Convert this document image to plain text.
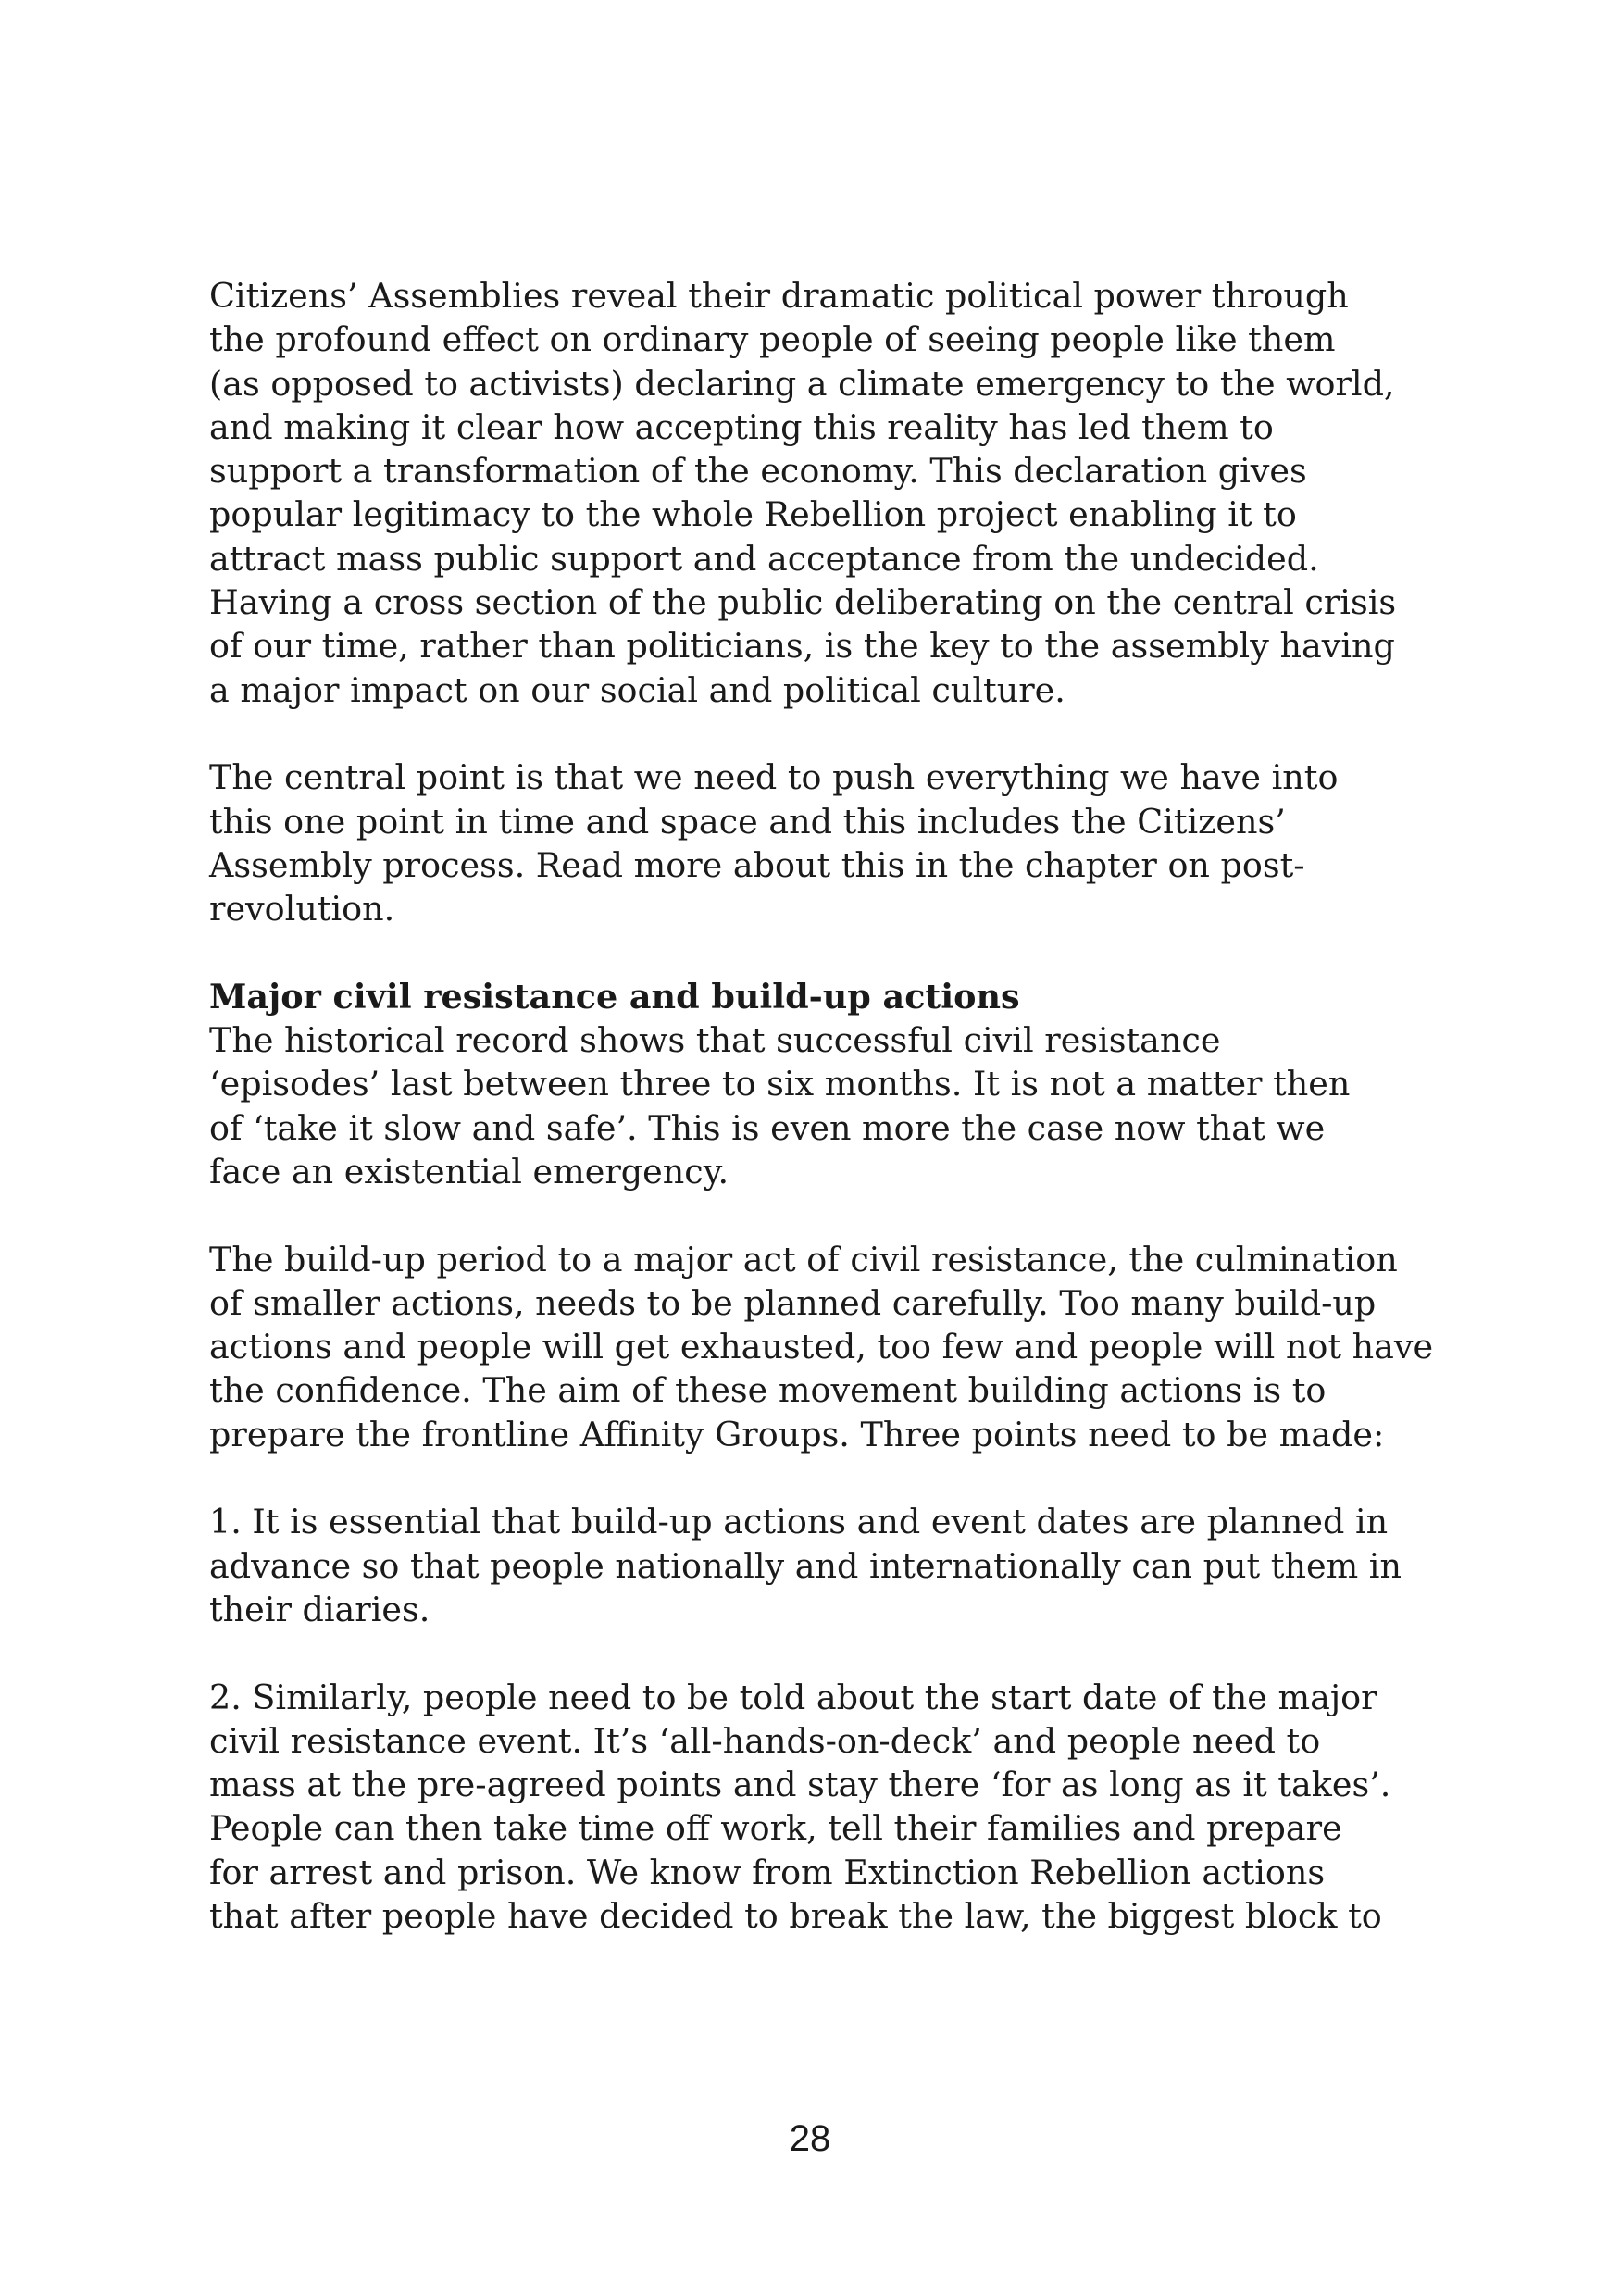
Citizens’ Assemblies reveal their dramatic political power through
the profound effect on ordinary people of seeing people like them
(as opposed to activists) declaring a climate emergency to the world,
and making it clear how accepting this reality has led them to
support a transformation of the economy. This declaration gives
popular legitimacy to the whole Rebellion project enabling it to
attract mass public support and acceptance from the undecided.
Having a cross section of the public deliberating on the central crisis
of our time, rather than politicians, is the key to the assembly having
a major impact on our social and political culture.
The central point is that we need to push everything we have into
this one point in time and space and this includes the Citizens’
Assembly process. Read more about this in the chapter on post-
revolution.
Major civil resistance and build-up actions
The historical record shows that successful civil resistance
‘episodes’ last between three to six months. It is not a matter then
of ‘take it slow and safe’. This is even more the case now that we
face an existential emergency.
The build-up period to a major act of civil resistance, the culmination
of smaller actions, needs to be planned carefully. Too many build-up
actions and people will get exhausted, too few and people will not have
the confidence. The aim of these movement building actions is to
prepare the frontline Affinity Groups. Three points need to be made:
1. It is essential that build-up actions and event dates are planned in
advance so that people nationally and internationally can put them in
their diaries.
2. Similarly, people need to be told about the start date of the major
civil resistance event. It’s ‘all-hands-on-deck’ and people need to
mass at the pre-agreed points and stay there ‘for as long as it takes’.
People can then take time off work, tell their families and prepare
for arrest and prison. We know from Extinction Rebellion actions
that after people have decided to break the law, the biggest block to
28
